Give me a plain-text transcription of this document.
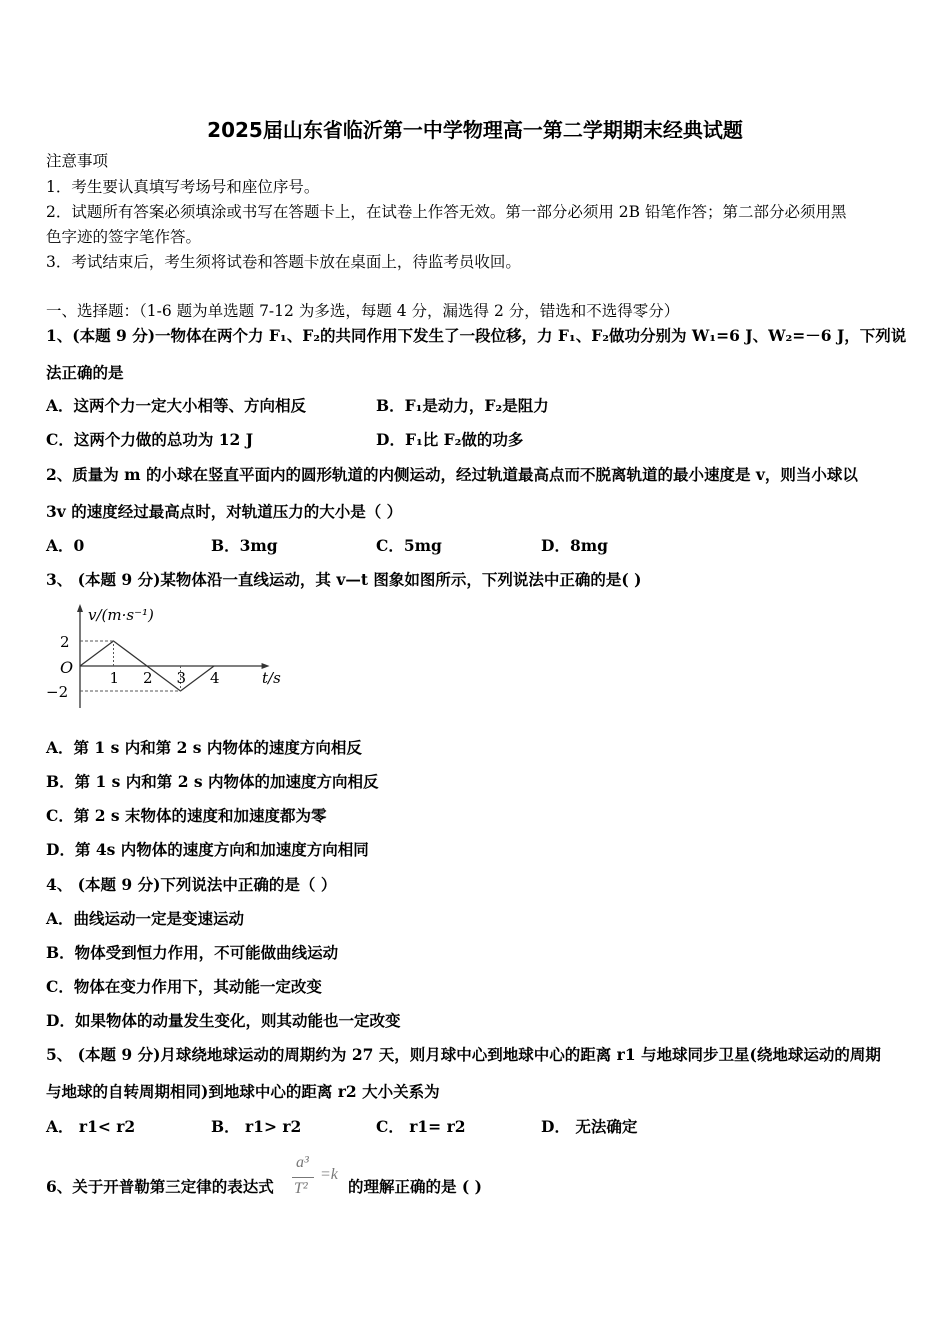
2025届山东省临沂第一中学物理高一第二学期期末经典试题
注意事项
1．考生要认真填写考场号和座位序号。
2．试题所有答案必须填涂或书写在答题卡上，在试卷上作答无效。第一部分必须用 2B 铅笔作答；第二部分必须用黑
色字迹的签字笔作答。
3．考试结束后，考生须将试卷和答题卡放在桌面上，待监考员收回。
一、选择题：（1-6 题为单选题 7-12 为多选，每题 4 分，漏选得 2 分，错选和不选得零分）
1、(本题 9 分)一物体在两个力 F₁、F₂的共同作用下发生了一段位移，力 F₁、F₂做功分别为 W₁=6 J、W₂=－6 J，下列说
法正确的是
A．这两个力一定大小相等、方向相反	B．F₁是动力，F₂是阻力
C．这两个力做的总功为 12 J	D．F₁比 F₂做的功多
2、质量为 m 的小球在竖直平面内的圆形轨道的内侧运动，经过轨道最高点而不脱离轨道的最小速度是 v，则当小球以
3v 的速度经过最高点时，对轨道压力的大小是（ ）
A．0	B．3mg	C．5mg	D．8mg
3、 (本题 9 分)某物体沿一直线运动，其 v—t 图象如图所示，下列说法中正确的是( )
1 2 3 4
2
−2
v/(m·s⁻¹)
t/s
O
A．第 1 s 内和第 2 s 内物体的速度方向相反
B．第 1 s 内和第 2 s 内物体的加速度方向相反
C．第 2 s 末物体的速度和加速度都为零
D．第 4s 内物体的速度方向和加速度方向相同
4、 (本题 9 分)下列说法中正确的是（ ）
A．曲线运动一定是变速运动
B．物体受到恒力作用，不可能做曲线运动
C．物体在变力作用下，其动能一定改变
D．如果物体的动量发生变化，则其动能也一定改变
5、 (本题 9 分)月球绕地球运动的周期约为 27 天，则月球中心到地球中心的距离 r1 与地球同步卫星(绕地球运动的周期
与地球的自转周期相同)到地球中心的距离 r2 大小关系为
A． r1< r2	B． r1> r2	C． r1= r2	D． 无法确定
6、关于开普勒第三定律的表达式
a³
T²
=k
的理解正确的是 ( )
